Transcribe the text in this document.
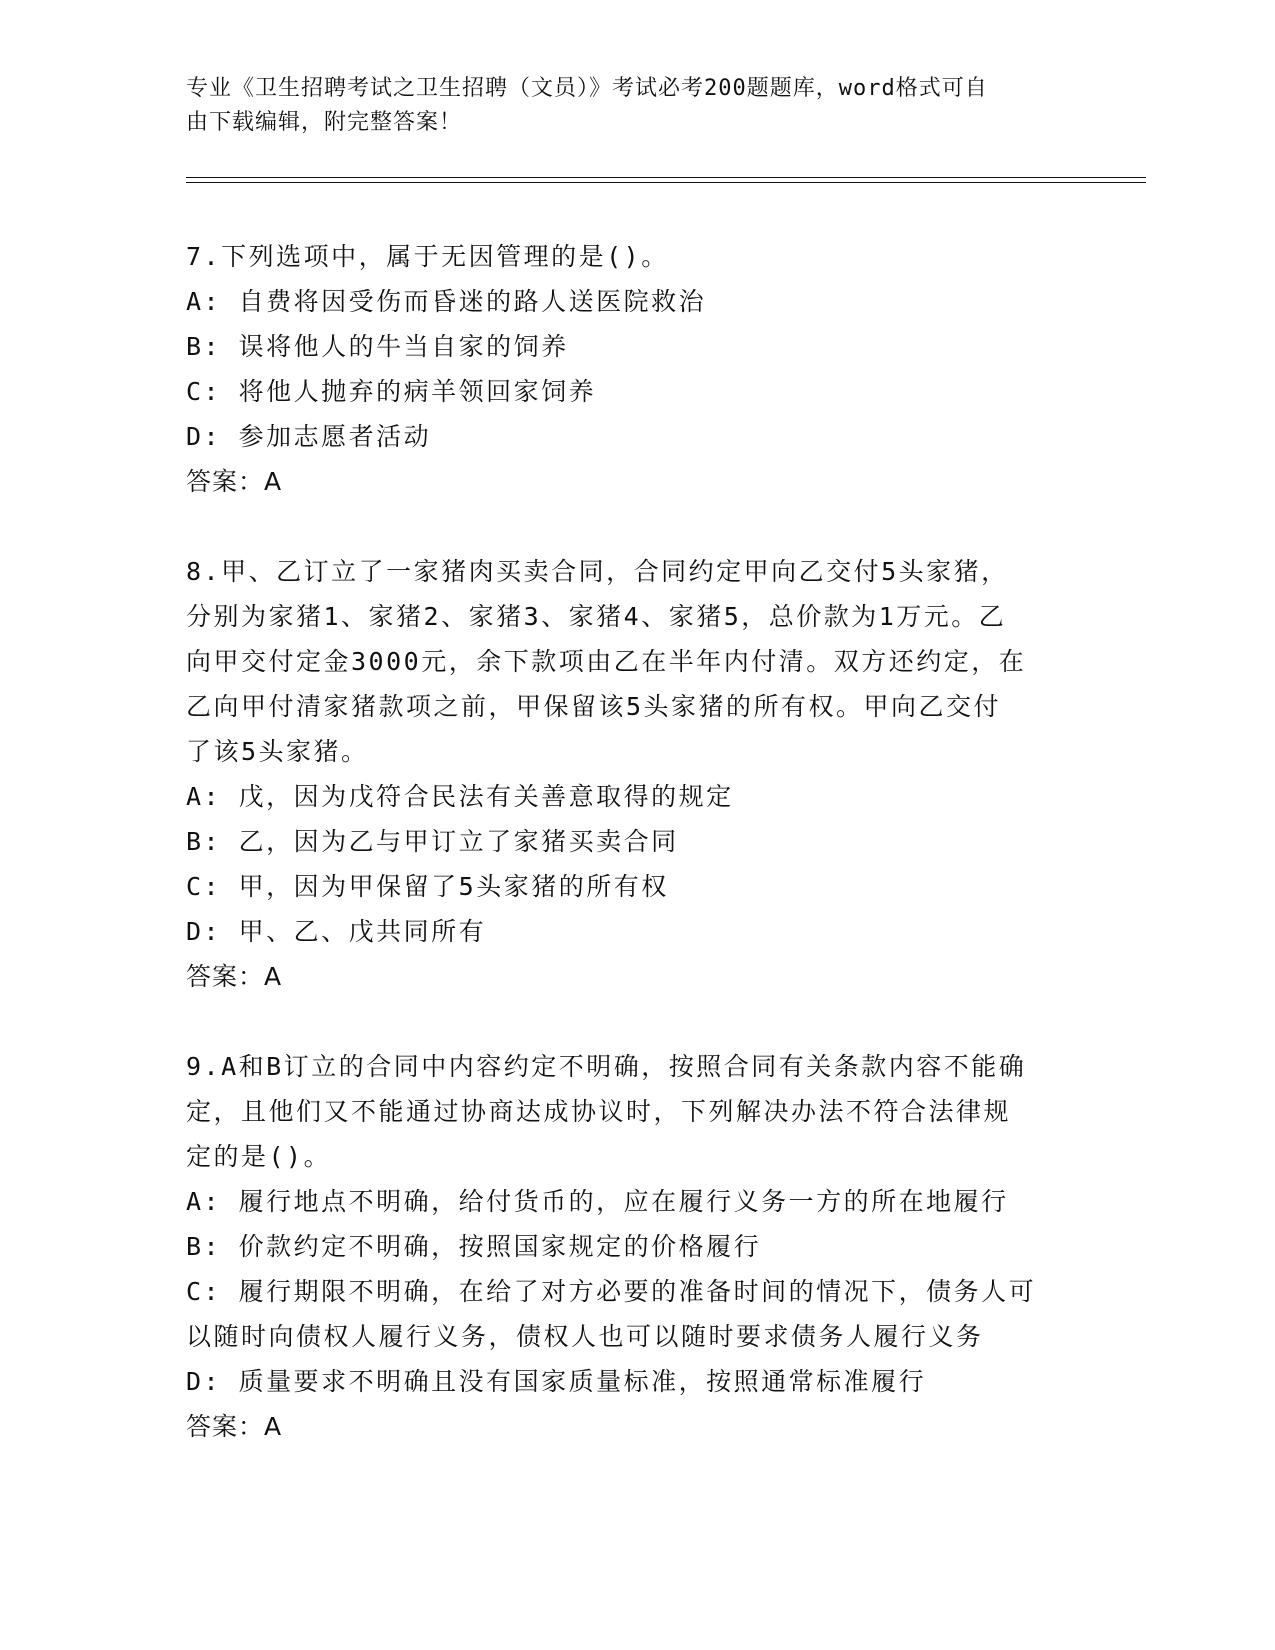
专业《卫生招聘考试之卫生招聘（文员）》考试必考200题题库，word格式可自
由下载编辑，附完整答案！
7.下列选项中，属于无因管理的是()。
A: 自费将因受伤而昏迷的路人送医院救治
B: 误将他人的牛当自家的饲养
C: 将他人抛弃的病羊领回家饲养
D: 参加志愿者活动
答案：A
8.甲、乙订立了一家猪肉买卖合同，合同约定甲向乙交付5头家猪，
分别为家猪1、家猪2、家猪3、家猪4、家猪5，总价款为1万元。乙
向甲交付定金3000元，余下款项由乙在半年内付清。双方还约定，在
乙向甲付清家猪款项之前，甲保留该5头家猪的所有权。甲向乙交付
了该5头家猪。
A: 戊，因为戊符合民法有关善意取得的规定
B: 乙，因为乙与甲订立了家猪买卖合同
C: 甲，因为甲保留了5头家猪的所有权
D: 甲、乙、戊共同所有
答案：A
9.A和B订立的合同中内容约定不明确，按照合同有关条款内容不能确
定，且他们又不能通过协商达成协议时，下列解决办法不符合法律规
定的是()。
A: 履行地点不明确，给付货币的，应在履行义务一方的所在地履行
B: 价款约定不明确，按照国家规定的价格履行
C: 履行期限不明确，在给了对方必要的准备时间的情况下，债务人可
以随时向债权人履行义务，债权人也可以随时要求债务人履行义务
D: 质量要求不明确且没有国家质量标准，按照通常标准履行
答案：A
